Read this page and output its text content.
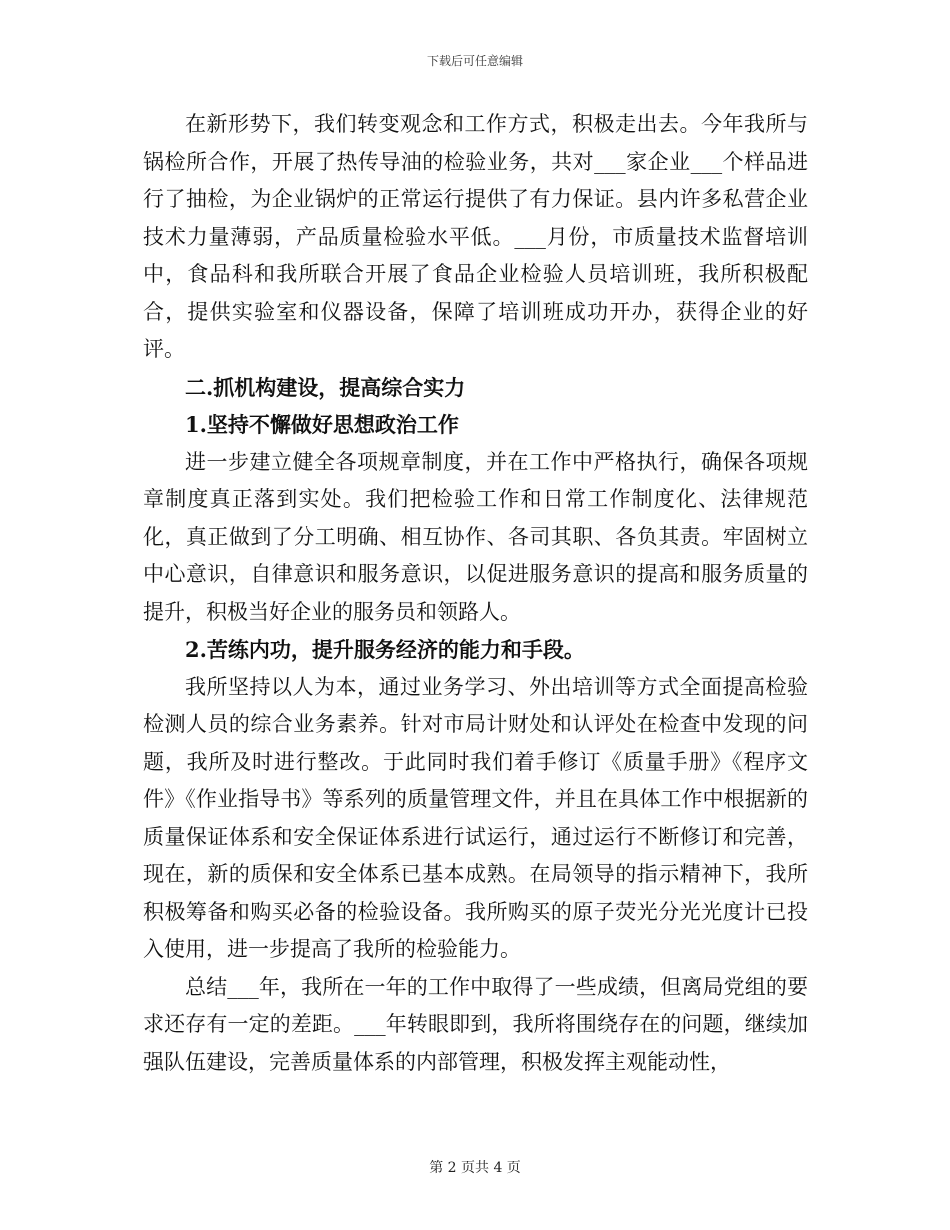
下载后可任意编辑

在新形势下，我们转变观念和工作方式，积极走出去。今年我所与锅检所合作，开展了热传导油的检验业务，共对___家企业___个样品进行了抽检，为企业锅炉的正常运行提供了有力保证。县内许多私营企业技术力量薄弱，产品质量检验水平低。___月份，市质量技术监督培训中，食品科和我所联合开展了食品企业检验人员培训班，我所积极配合，提供实验室和仪器设备，保障了培训班成功开办，获得企业的好评。

二.抓机构建设，提高综合实力

1.坚持不懈做好思想政治工作

进一步建立健全各项规章制度，并在工作中严格执行，确保各项规章制度真正落到实处。我们把检验工作和日常工作制度化、法律规范化，真正做到了分工明确、相互协作、各司其职、各负其责。牢固树立中心意识，自律意识和服务意识，以促进服务意识的提高和服务质量的提升，积极当好企业的服务员和领路人。

2.苦练内功，提升服务经济的能力和手段。

我所坚持以人为本，通过业务学习、外出培训等方式全面提高检验检测人员的综合业务素养。针对市局计财处和认评处在检查中发现的问题，我所及时进行整改。于此同时我们着手修订《质量手册》《程序文件》《作业指导书》等系列的质量管理文件，并且在具体工作中根据新的质量保证体系和安全保证体系进行试运行，通过运行不断修订和完善，现在，新的质保和安全体系已基本成熟。在局领导的指示精神下，我所积极筹备和购买必备的检验设备。我所购买的原子荧光分光光度计已投入使用，进一步提高了我所的检验能力。

总结___年，我所在一年的工作中取得了一些成绩，但离局党组的要求还存有一定的差距。___年转眼即到，我所将围绕存在的问题，继续加强队伍建设，完善质量体系的内部管理，积极发挥主观能动性，

第 2 页共 4 页
